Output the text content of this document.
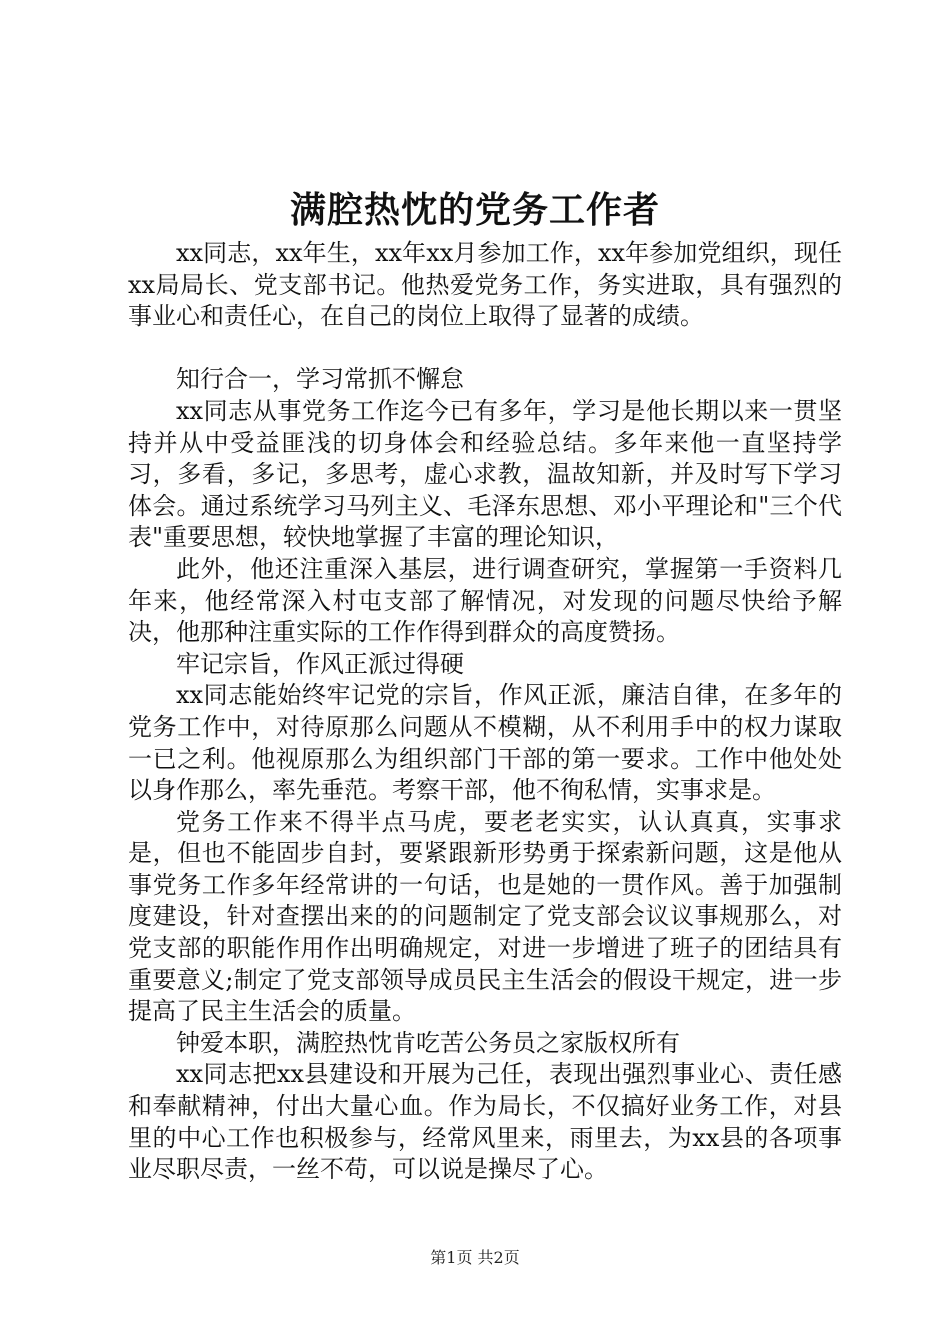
满腔热忱的党务工作者

xx同志，xx年生，xx年xx月参加工作，xx年参加党组织，现任xx局局长、党支部书记。他热爱党务工作，务实进取，具有强烈的事业心和责任心，在自己的岗位上取得了显著的成绩。

知行合一，学习常抓不懈怠

xx同志从事党务工作迄今已有多年，学习是他长期以来一贯坚持并从中受益匪浅的切身体会和经验总结。多年来他一直坚持学习，多看，多记，多思考，虚心求教，温故知新，并及时写下学习体会。通过系统学习马列主义、毛泽东思想、邓小平理论和"三个代表"重要思想，较快地掌握了丰富的理论知识，

此外，他还注重深入基层，进行调查研究，掌握第一手资料几年来，他经常深入村屯支部了解情况，对发现的问题尽快给予解决，他那种注重实际的工作作得到群众的高度赞扬。

牢记宗旨，作风正派过得硬

xx同志能始终牢记党的宗旨，作风正派，廉洁自律，在多年的党务工作中，对待原那么问题从不模糊，从不利用手中的权力谋取一已之利。他视原那么为组织部门干部的第一要求。工作中他处处以身作那么，率先垂范。考察干部，他不徇私情，实事求是。

党务工作来不得半点马虎，要老老实实，认认真真，实事求是，但也不能固步自封，要紧跟新形势勇于探索新问题，这是他从事党务工作多年经常讲的一句话，也是她的一贯作风。善于加强制度建设，针对查摆出来的的问题制定了党支部会议议事规那么，对党支部的职能作用作出明确规定，对进一步增进了班子的团结具有重要意义;制定了党支部领导成员民主生活会的假设干规定，进一步提高了民主生活会的质量。

钟爱本职，满腔热忱肯吃苦公务员之家版权所有

xx同志把xx县建设和开展为己任，表现出强烈事业心、责任感和奉献精神，付出大量心血。作为局长，不仅搞好业务工作，对县里的中心工作也积极参与，经常风里来，雨里去，为xx县的各项事业尽职尽责，一丝不苟，可以说是操尽了心。

第1页 共2页
